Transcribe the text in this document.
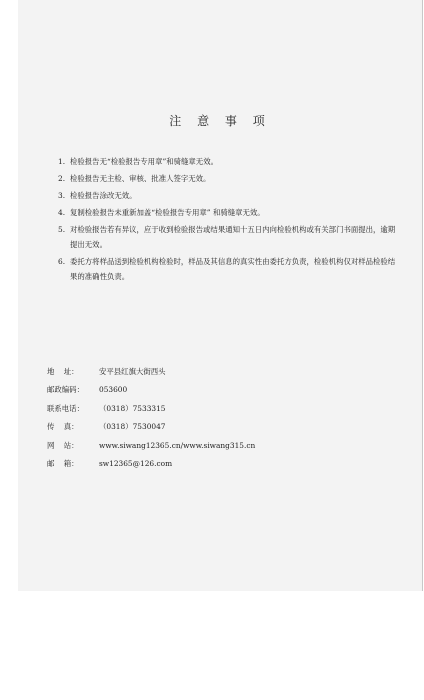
注 意 事 项
1. 检验报告无“检验报告专用章”和骑缝章无效。
2. 检验报告无主检、审核、批准人签字无效。
3. 检验报告涂改无效。
4. 复制检验报告未重新加盖“检验报告专用章” 和骑缝章无效。
5. 对检验报告若有异议，应于收到检验报告或结果通知十五日内向检验机构或有关部门书面提出，逾期提出无效。
6. 委托方将样品送到检验机构检验时，样品及其信息的真实性由委托方负责，检验机构仅对样品检验结果的准确性负责。
地    址：	安平县红旗大街西头
邮政编码：	053600
联系电话：	（0318）7533315
传    真：	（0318）7530047
网    站：	www.siwang12365.cn/www.siwang315.cn
邮    箱：	sw12365@126.com
